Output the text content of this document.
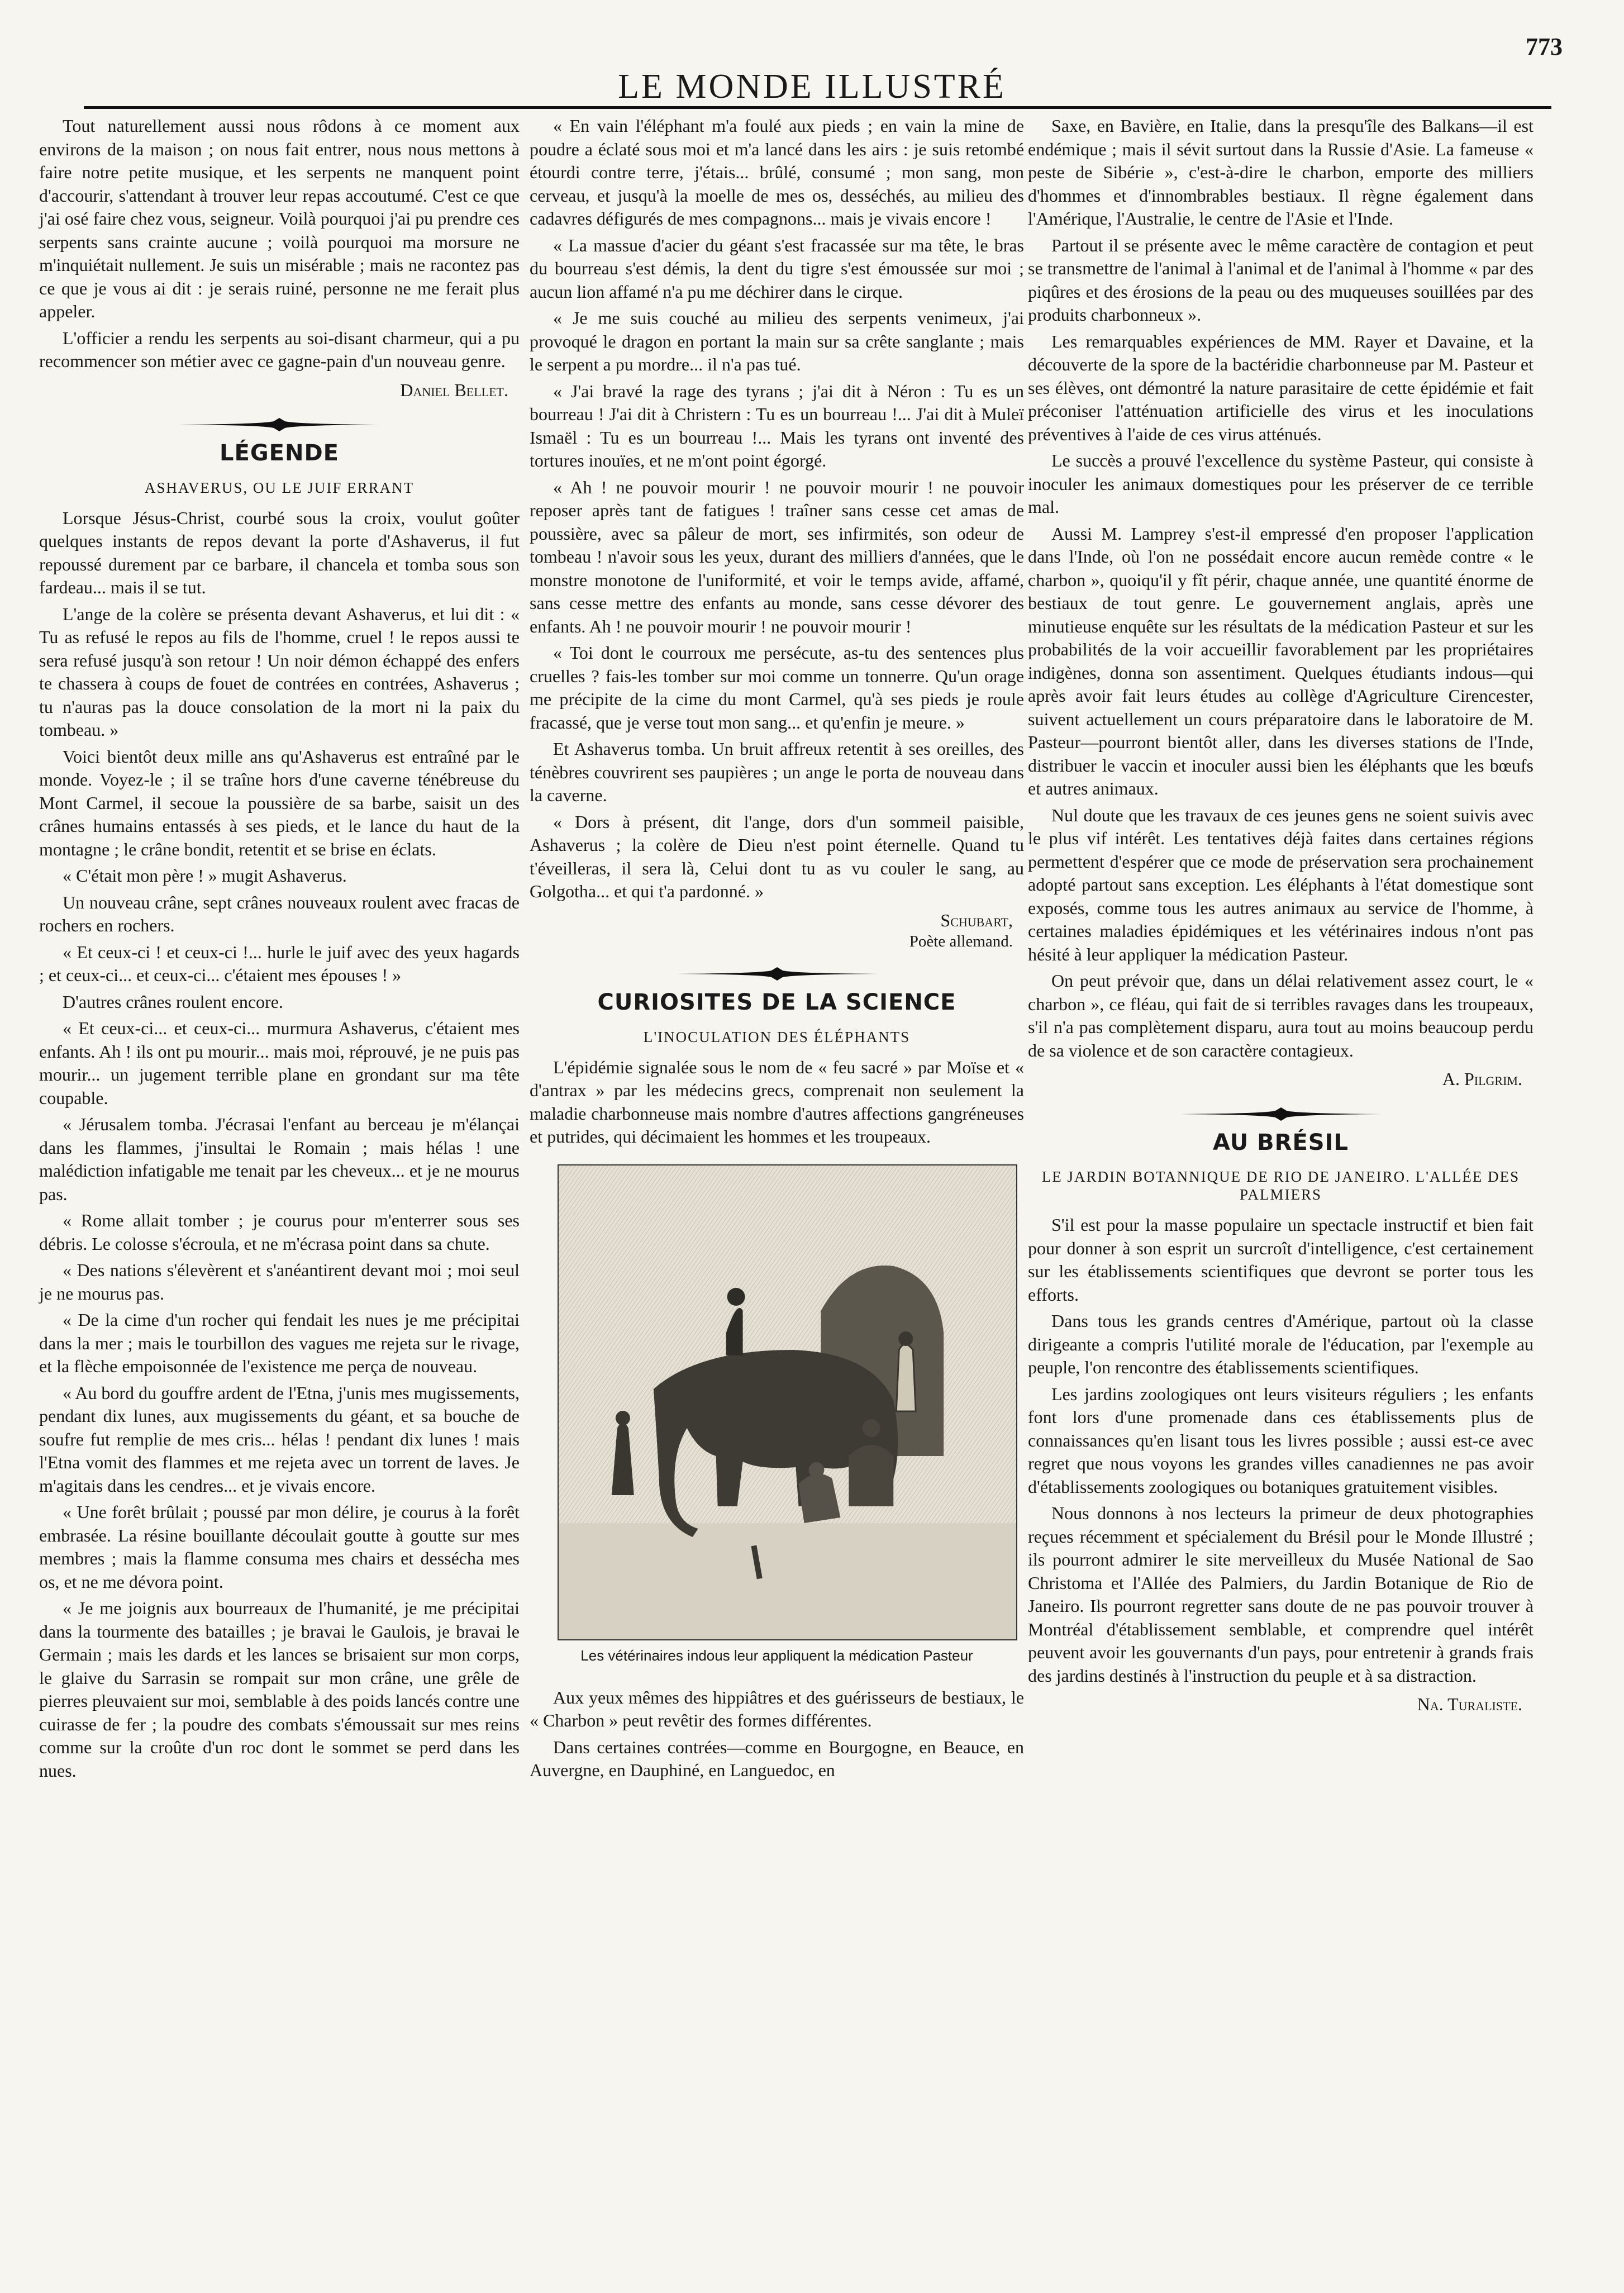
773
LE MONDE ILLUSTRÉ

Tout naturellement aussi nous rôdons à ce moment aux environs de la maison ; on nous fait entrer, nous nous mettons à faire notre petite musique, et les serpents ne manquent point d'accourir, s'attendant à trouver leur repas accoutumé. C'est ce que j'ai osé faire chez vous, seigneur. Voilà pourquoi j'ai pu prendre ces serpents sans crainte aucune ; voilà pourquoi ma morsure ne m'inquiétait nullement. Je suis un misérable ; mais ne racontez pas ce que je vous ai dit : je serais ruiné, personne ne me ferait plus appeler.

L'officier a rendu les serpents au soi-disant charmeur, qui a pu recommencer son métier avec ce gagne-pain d'un nouveau genre.

Daniel Bellet.
LÉGENDE
ASHAVERUS, OU LE JUIF ERRANT

Lorsque Jésus-Christ, courbé sous la croix, voulut goûter quelques instants de repos devant la porte d'Ashaverus, il fut repoussé durement par ce barbare, il chancela et tomba sous son fardeau... mais il se tut.

L'ange de la colère se présenta devant Ashaverus, et lui dit : « Tu as refusé le repos au fils de l'homme, cruel ! le repos aussi te sera refusé jusqu'à son retour ! Un noir démon échappé des enfers te chassera à coups de fouet de contrées en contrées, Ashaverus ; tu n'auras pas la douce consolation de la mort ni la paix du tombeau. »

Voici bientôt deux mille ans qu'Ashaverus est entraîné par le monde. Voyez-le ; il se traîne hors d'une caverne ténébreuse du Mont Carmel, il secoue la poussière de sa barbe, saisit un des crânes humains entassés à ses pieds, et le lance du haut de la montagne ; le crâne bondit, retentit et se brise en éclats.

« C'était mon père ! » mugit Ashaverus.

Un nouveau crâne, sept crânes nouveaux roulent avec fracas de rochers en rochers.

« Et ceux-ci ! et ceux-ci !... hurle le juif avec des yeux hagards ; et ceux-ci... et ceux-ci... c'étaient mes épouses ! »

D'autres crânes roulent encore.

« Et ceux-ci... et ceux-ci... murmura Ashaverus, c'étaient mes enfants. Ah ! ils ont pu mourir... mais moi, réprouvé, je ne puis pas mourir... un jugement terrible plane en grondant sur ma tête coupable.

« Jérusalem tomba. J'écrasai l'enfant au berceau je m'élançai dans les flammes, j'insultai le Romain ; mais hélas ! une malédiction infatigable me tenait par les cheveux... et je ne mourus pas.

« Rome allait tomber ; je courus pour m'enterrer sous ses débris. Le colosse s'écroula, et ne m'écrasa point dans sa chute.

« Des nations s'élevèrent et s'anéantirent devant moi ; moi seul je ne mourus pas.

« De la cime d'un rocher qui fendait les nues je me précipitai dans la mer ; mais le tourbillon des vagues me rejeta sur le rivage, et la flèche empoisonnée de l'existence me perça de nouveau.

« Au bord du gouffre ardent de l'Etna, j'unis mes mugissements, pendant dix lunes, aux mugissements du géant, et sa bouche de soufre fut remplie de mes cris... hélas ! pendant dix lunes ! mais l'Etna vomit des flammes et me rejeta avec un torrent de laves. Je m'agitais dans les cendres... et je vivais encore.

« Une forêt brûlait ; poussé par mon délire, je courus à la forêt embrasée. La résine bouillante découlait goutte à goutte sur mes membres ; mais la flamme consuma mes chairs et dessécha mes os, et ne me dévora point.

« Je me joignis aux bourreaux de l'humanité, je me précipitai dans la tourmente des batailles ; je bravai le Gaulois, je bravai le Germain ; mais les dards et les lances se brisaient sur mon corps, le glaive du Sarrasin se rompait sur mon crâne, une grêle de pierres pleuvaient sur moi, semblable à des poids lancés contre une cuirasse de fer ; la poudre des combats s'émoussait sur mes reins comme sur la croûte d'un roc dont le sommet se perd dans les nues.

« En vain l'éléphant m'a foulé aux pieds ; en vain la mine de poudre a éclaté sous moi et m'a lancé dans les airs : je suis retombé étourdi contre terre, j'étais... brûlé, consumé ; mon sang, mon cerveau, et jusqu'à la moelle de mes os, desséchés, au milieu des cadavres défigurés de mes compagnons... mais je vivais encore !

« La massue d'acier du géant s'est fracassée sur ma tête, le bras du bourreau s'est démis, la dent du tigre s'est émoussée sur moi ; aucun lion affamé n'a pu me déchirer dans le cirque.

« Je me suis couché au milieu des serpents venimeux, j'ai provoqué le dragon en portant la main sur sa crête sanglante ; mais le serpent a pu mordre... il n'a pas tué.

« J'ai bravé la rage des tyrans ; j'ai dit à Néron : Tu es un bourreau ! J'ai dit à Christern : Tu es un bourreau !... J'ai dit à Muleï Ismaël : Tu es un bourreau !... Mais les tyrans ont inventé des tortures inouïes, et ne m'ont point égorgé.

« Ah ! ne pouvoir mourir ! ne pouvoir mourir ! ne pouvoir reposer après tant de fatigues ! traîner sans cesse cet amas de poussière, avec sa pâleur de mort, ses infirmités, son odeur de tombeau ! n'avoir sous les yeux, durant des milliers d'années, que le monstre monotone de l'uniformité, et voir le temps avide, affamé, sans cesse mettre des enfants au monde, sans cesse dévorer des enfants. Ah ! ne pouvoir mourir ! ne pouvoir mourir !

« Toi dont le courroux me persécute, as-tu des sentences plus cruelles ? fais-les tomber sur moi comme un tonnerre. Qu'un orage me précipite de la cime du mont Carmel, qu'à ses pieds je roule fracassé, que je verse tout mon sang... et qu'enfin je meure. »

Et Ashaverus tomba. Un bruit affreux retentit à ses oreilles, des ténèbres couvrirent ses paupières ; un ange le porta de nouveau dans la caverne.

« Dors à présent, dit l'ange, dors d'un sommeil paisible, Ashaverus ; la colère de Dieu n'est point éternelle. Quand tu t'éveilleras, il sera là, Celui dont tu as vu couler le sang, au Golgotha... et qui t'a pardonné. »

Schubart,
Poète allemand.
CURIOSITES DE LA SCIENCE
L'INOCULATION DES ÉLÉPHANTS

L'épidémie signalée sous le nom de « feu sacré » par Moïse et « d'antrax » par les médecins grecs, comprenait non seulement la maladie charbonneuse mais nombre d'autres affections gangréneuses et putrides, qui décimaient les hommes et les troupeaux.

Les vétérinaires indous leur appliquent la médication Pasteur

Aux yeux mêmes des hippiâtres et des guérisseurs de bestiaux, le « Charbon » peut revêtir des formes différentes.

Dans certaines contrées—comme en Bourgogne, en Beauce, en Auvergne, en Dauphiné, en Languedoc, en

Saxe, en Bavière, en Italie, dans la presqu'île des Balkans—il est endémique ; mais il sévit surtout dans la Russie d'Asie. La fameuse « peste de Sibérie », c'est-à-dire le charbon, emporte des milliers d'hommes et d'innombrables bestiaux. Il règne également dans l'Amérique, l'Australie, le centre de l'Asie et l'Inde.

Partout il se présente avec le même caractère de contagion et peut se transmettre de l'animal à l'animal et de l'animal à l'homme « par des piqûres et des érosions de la peau ou des muqueuses souillées par des produits charbonneux ».

Les remarquables expériences de MM. Rayer et Davaine, et la découverte de la spore de la bactéridie charbonneuse par M. Pasteur et ses élèves, ont démontré la nature parasitaire de cette épidémie et fait préconiser l'atténuation artificielle des virus et les inoculations préventives à l'aide de ces virus atténués.

Le succès a prouvé l'excellence du système Pasteur, qui consiste à inoculer les animaux domestiques pour les préserver de ce terrible mal.

Aussi M. Lamprey s'est-il empressé d'en proposer l'application dans l'Inde, où l'on ne possédait encore aucun remède contre « le charbon », quoiqu'il y fît périr, chaque année, une quantité énorme de bestiaux de tout genre. Le gouvernement anglais, après une minutieuse enquête sur les résultats de la médication Pasteur et sur les probabilités de la voir accueillir favorablement par les propriétaires indigènes, donna son assentiment. Quelques étudiants indous—qui après avoir fait leurs études au collège d'Agriculture Cirencester, suivent actuellement un cours préparatoire dans le laboratoire de M. Pasteur—pourront bientôt aller, dans les diverses stations de l'Inde, distribuer le vaccin et inoculer aussi bien les éléphants que les bœufs et autres animaux.

Nul doute que les travaux de ces jeunes gens ne soient suivis avec le plus vif intérêt. Les tentatives déjà faites dans certaines régions permettent d'espérer que ce mode de préservation sera prochainement adopté partout sans exception. Les éléphants à l'état domestique sont exposés, comme tous les autres animaux au service de l'homme, à certaines maladies épidémiques et les vétérinaires indous n'ont pas hésité à leur appliquer la médication Pasteur.

On peut prévoir que, dans un délai relativement assez court, le « charbon », ce fléau, qui fait de si terribles ravages dans les troupeaux, s'il n'a pas complètement disparu, aura tout au moins beaucoup perdu de sa violence et de son caractère contagieux.

A. Pilgrim.
AU BRÉSIL
LE JARDIN BOTANNIQUE DE RIO DE JANEIRO. L'ALLÉE DES PALMIERS

S'il est pour la masse populaire un spectacle instructif et bien fait pour donner à son esprit un surcroît d'intelligence, c'est certainement sur les établissements scientifiques que devront se porter tous les efforts.

Dans tous les grands centres d'Amérique, partout où la classe dirigeante a compris l'utilité morale de l'éducation, par l'exemple au peuple, l'on rencontre des établissements scientifiques.

Les jardins zoologiques ont leurs visiteurs réguliers ; les enfants font lors d'une promenade dans ces établissements plus de connaissances qu'en lisant tous les livres possible ; aussi est-ce avec regret que nous voyons les grandes villes canadiennes ne pas avoir d'établissements zoologiques ou botaniques gratuitement visibles.

Nous donnons à nos lecteurs la primeur de deux photographies reçues récemment et spécialement du Brésil pour le Monde Illustré ; ils pourront admirer le site merveilleux du Musée National de Sao Christoma et l'Allée des Palmiers, du Jardin Botanique de Rio de Janeiro. Ils pourront regretter sans doute de ne pas pouvoir trouver à Montréal d'établissement semblable, et comprendre quel intérêt peuvent avoir les gouvernants d'un pays, pour entretenir à grands frais des jardins destinés à l'instruction du peuple et à sa distraction.

Na. Turaliste.
